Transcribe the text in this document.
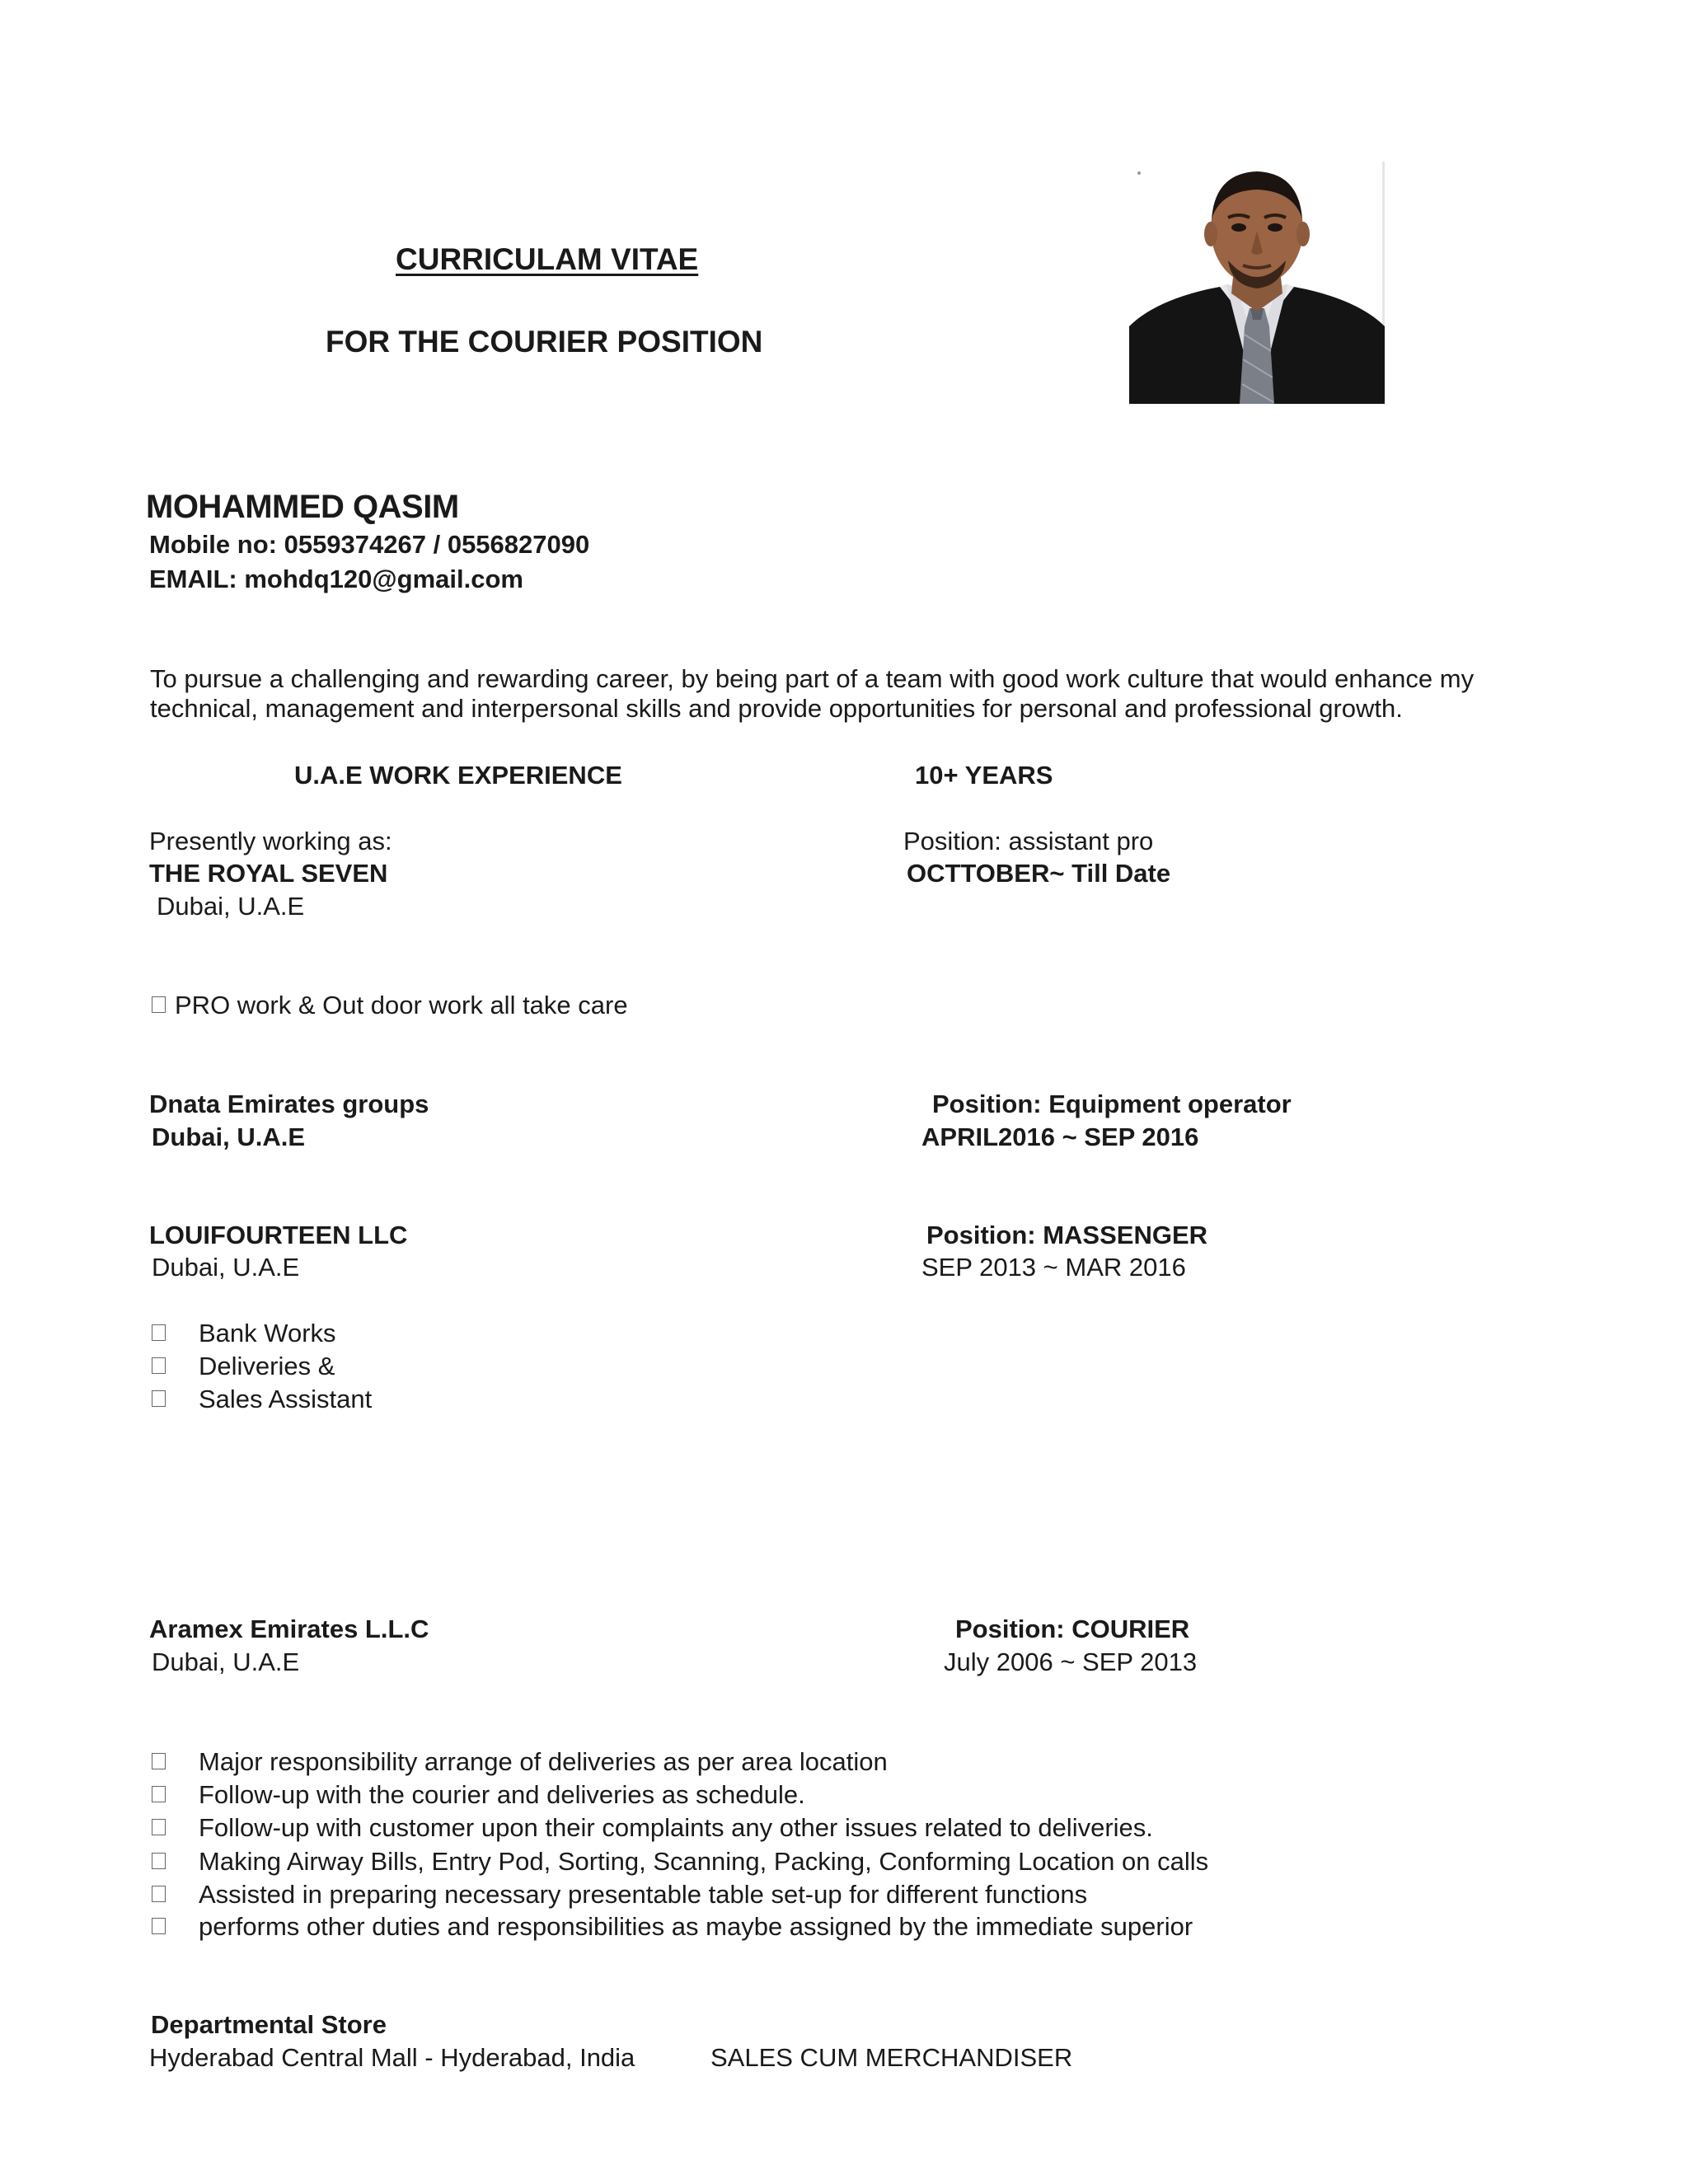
CURRICULAM VITAE
FOR THE COURIER POSITION
MOHAMMED QASIM
Mobile no: 0559374267 / 0556827090
EMAIL: mohdq120@gmail.com

To pursue a challenging and rewarding career, by being part of a team with good work culture that would enhance my

technical, management and interpersonal skills and provide opportunities for personal and professional growth.

U.A.E WORK EXPERIENCE	10+ YEARS
Presently working as:
THE ROYAL SEVEN
Dubai, U.A.E
Position: assistant pro
OCTTOBER~ Till Date
PRO work & Out door work all take care
Dnata Emirates groups
Dubai, U.A.E
Position: Equipment operator
APRIL2016 ~ SEP 2016
LOUIFOURTEEN LLC
Dubai, U.A.E
Position: MASSENGER
SEP 2013 ~ MAR 2016
Bank Works
Deliveries &
Sales Assistant
Aramex Emirates L.L.C
Dubai, U.A.E
Position: COURIER
July 2006 ~ SEP 2013
Major responsibility arrange of deliveries as per area location
Follow-up with the courier and deliveries as schedule.
Follow-up with customer upon their complaints any other issues related to deliveries.
Making Airway Bills, Entry Pod, Sorting, Scanning, Packing, Conforming Location on calls
Assisted in preparing necessary presentable table set-up for different functions
performs other duties and responsibilities as maybe assigned by the immediate superior
Departmental Store
Hyderabad Central Mall - Hyderabad, India	SALES CUM MERCHANDISER
